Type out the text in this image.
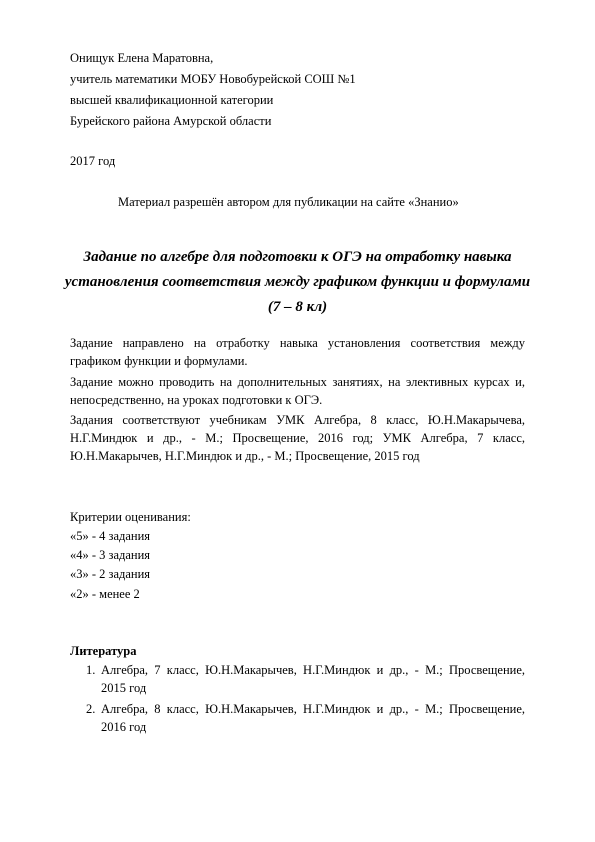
Онищук Елена Маратовна,
учитель математики МОБУ Новобурейской СОШ №1
высшей квалификационной категории
Бурейского района Амурской области
2017 год
Материал разрешён автором для публикации на сайте «Знанио»
Задание по алгебре для подготовки к ОГЭ на отработку навыка установления соответствия между графиком функции и формулами (7 – 8 кл)
Задание направлено на отработку навыка установления соответствия между графиком функции и формулами.
Задание можно проводить на дополнительных занятиях, на элективных курсах и, непосредственно, на уроках подготовки к ОГЭ.
Задания соответствуют учебникам УМК Алгебра, 8 класс, Ю.Н.Макарычева, Н.Г.Миндюк и др., - М.; Просвещение, 2016 год; УМК Алгебра, 7 класс, Ю.Н.Макарычев, Н.Г.Миндюк и др., - М.; Просвещение, 2015 год
Критерии оценивания:
«5» - 4 задания
«4» - 3 задания
«3» - 2 задания
«2» - менее 2
Литература
1. Алгебра, 7 класс, Ю.Н.Макарычев, Н.Г.Миндюк и др., - М.; Просвещение, 2015 год
2. Алгебра, 8 класс, Ю.Н.Макарычев, Н.Г.Миндюк и др., - М.; Просвещение, 2016 год
